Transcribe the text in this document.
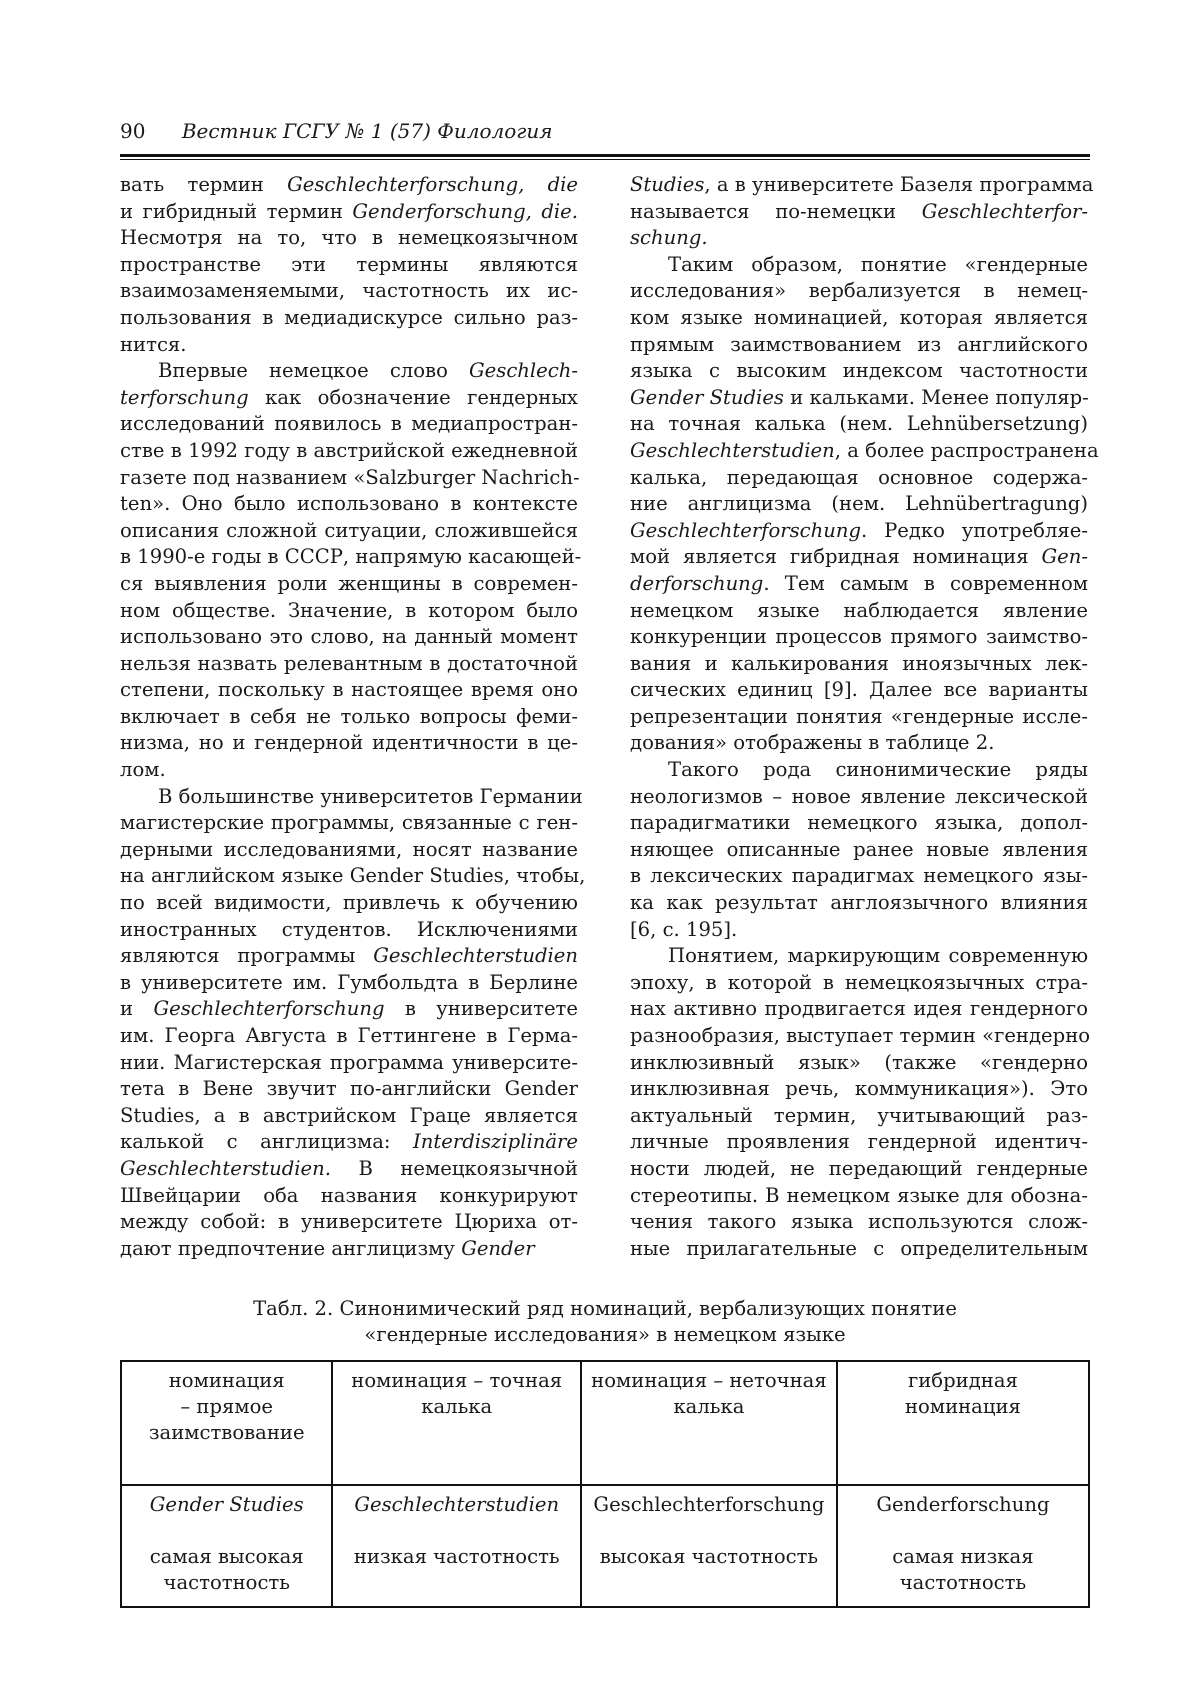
90 Вестник ГСГУ № 1 (57) Филология
вать термин Geschlechterforschung, die
и гибридный термин Genderforschung, die.
Несмотря на то, что в немецкоязычном
пространстве эти термины являются
взаимозаменяемыми, частотность их ис-
пользования в медиадискурсе сильно раз-
нится.
Впервые немецкое слово Geschlech-
terforschung как обозначение гендерных
исследований появилось в медиапростран-
стве в 1992 году в австрийской ежедневной
газете под названием «Salzburger Nachrich-
ten». Оно было использовано в контексте
описания сложной ситуации, сложившейся
в 1990-е годы в СССР, напрямую касающей-
ся выявления роли женщины в современ-
ном обществе. Значение, в котором было
использовано это слово, на данный момент
нельзя назвать релевантным в достаточной
степени, поскольку в настоящее время оно
включает в себя не только вопросы феми-
низма, но и гендерной идентичности в це-
лом.
В большинстве университетов Германии
магистерские программы, связанные с ген-
дерными исследованиями, носят название
на английском языке Gender Studies, чтобы,
по всей видимости, привлечь к обучению
иностранных студентов. Исключениями
являются программы Geschlechterstudien
в университете им. Гумбольдта в Берлине
и Geschlechterforschung в университете
им. Георга Августа в Геттингене в Герма-
нии. Магистерская программа университе-
тета в Вене звучит по-английски Gender
Studies, а в австрийском Граце является
калькой с англицизма: Interdisziplinäre
Geschlechterstudien. В немецкоязычной
Швейцарии оба названия конкурируют
между собой: в университете Цюриха от-
дают предпочтение англицизму Gender
Studies, а в университете Базеля программа
называется по-немецки Geschlechterfor-
schung.
Таким образом, понятие «гендерные
исследования» вербализуется в немец-
ком языке номинацией, которая является
прямым заимствованием из английского
языка с высоким индексом частотности
Gender Studies и кальками. Менее популяр-
на точная калька (нем. Lehnübersetzung)
Geschlechterstudien, а более распространена
калька, передающая основное содержа-
ние англицизма (нем. Lehnübertragung)
Geschlechterforschung. Редко употребляе-
мой является гибридная номинация Gen-
derforschung. Тем самым в современном
немецком языке наблюдается явление
конкуренции процессов прямого заимство-
вания и калькирования иноязычных лек-
сических единиц [9]. Далее все варианты
репрезентации понятия «гендерные иссле-
дования» отображены в таблице 2.
Такого рода синонимические ряды
неологизмов – новое явление лексической
парадигматики немецкого языка, допол-
няющее описанные ранее новые явления
в лексических парадигмах немецкого язы-
ка как результат англоязычного влияния
[6, с. 195].
Понятием, маркирующим современную
эпоху, в которой в немецкоязычных стра-
нах активно продвигается идея гендерного
разнообразия, выступает термин «гендерно
инклюзивный язык» (также «гендерно
инклюзивная речь, коммуникация»). Это
актуальный термин, учитывающий раз-
личные проявления гендерной идентич-
ности людей, не передающий гендерные
стереотипы. В немецком языке для обозна-
чения такого языка используются слож-
ные прилагательные с определительным
Табл. 2. Синонимический ряд номинаций, вербализующих понятие
«гендерные исследования» в немецком языке
номинация
– прямое
заимствование	номинация – точная
калька	номинация – неточная
калька	гибридная
номинация

Gender Studies
самая высокая
частотность	Geschlechterstudien
низкая частотность	Geschlechterforschung
высокая частотность	Genderforschung
самая низкая
частотность
